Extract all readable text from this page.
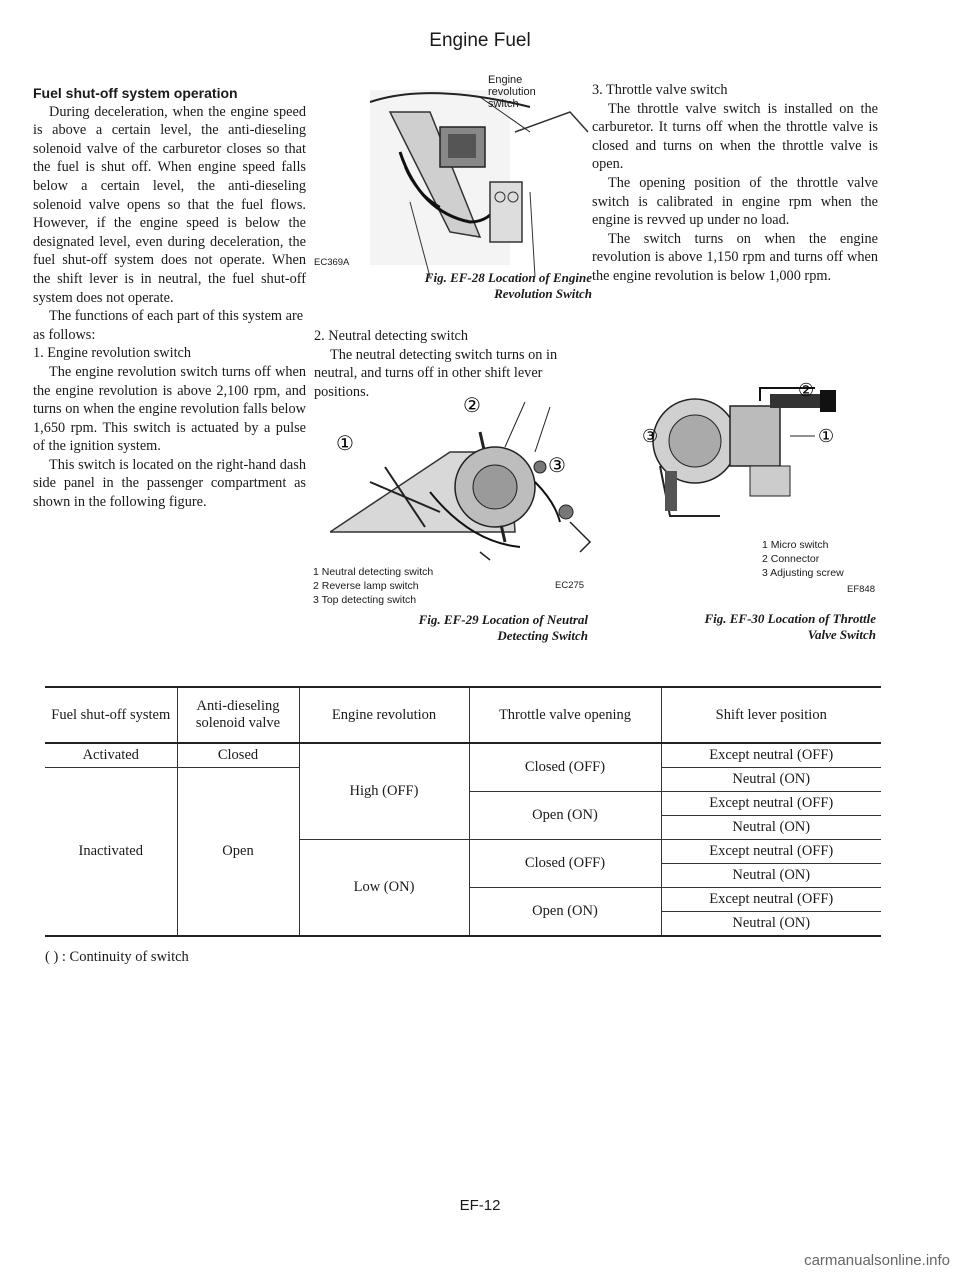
Engine Fuel

Fuel shut-off system operation

During deceleration, when the engine speed is above a certain level, the anti-dieseling solenoid valve of the carburetor closes so that the fuel is shut off. When engine speed falls below a certain level, the anti-dieseling solenoid valve opens so that the fuel flows. However, if the engine speed is below the designated level, even during deceleration, the fuel shut-off system does not operate. When the shift lever is in neutral, the fuel shut-off system does not operate.

The functions of each part of this system are as follows:

1. Engine revolution switch

The engine revolution switch turns off when the engine revolution is above 2,100 rpm, and turns on when the engine revolution falls below 1,650 rpm. This switch is actuated by a pulse of the ignition system.

This switch is located on the right-hand dash side panel in the passenger compartment as shown in the following figure.

Engine revolution switch
EC369A
Fig. EF-28 Location of Engine
Revolution Switch

2. Neutral detecting switch

The neutral detecting switch turns on in neutral, and turns off in other shift lever positions.

①
②
③
1 Neutral detecting switch
2 Reverse lamp switch
3 Top detecting switch
EC275
Fig. EF-29 Location of Neutral
Detecting Switch

3. Throttle valve switch

The throttle valve switch is installed on the carburetor. It turns off when the throttle valve is closed and turns on when the throttle valve is open.

The opening position of the throttle valve switch is calibrated in engine rpm when the engine is revved up under no load.

The switch turns on when the engine revolution is above 1,150 rpm and turns off when the engine revolution is below 1,000 rpm.

①
②
③
1 Micro switch
2 Connector
3 Adjusting screw
EF848
Fig. EF-30 Location of Throttle
Valve Switch
Fuel shut-off system	Anti-dieseling solenoid valve	Engine revolution	Throttle valve opening	Shift lever position
Activated	Closed	High (OFF)	Closed (OFF)	Except neutral (OFF)
Inactivated	Open			Neutral (ON)
			Open (ON)	Except neutral (OFF)
				Neutral (ON)
		Low (ON)	Closed (OFF)	Except neutral (OFF)
				Neutral (ON)
			Open (ON)	Except neutral (OFF)
				Neutral (ON)
( ) : Continuity of switch
EF-12
carmanualsonline.info
